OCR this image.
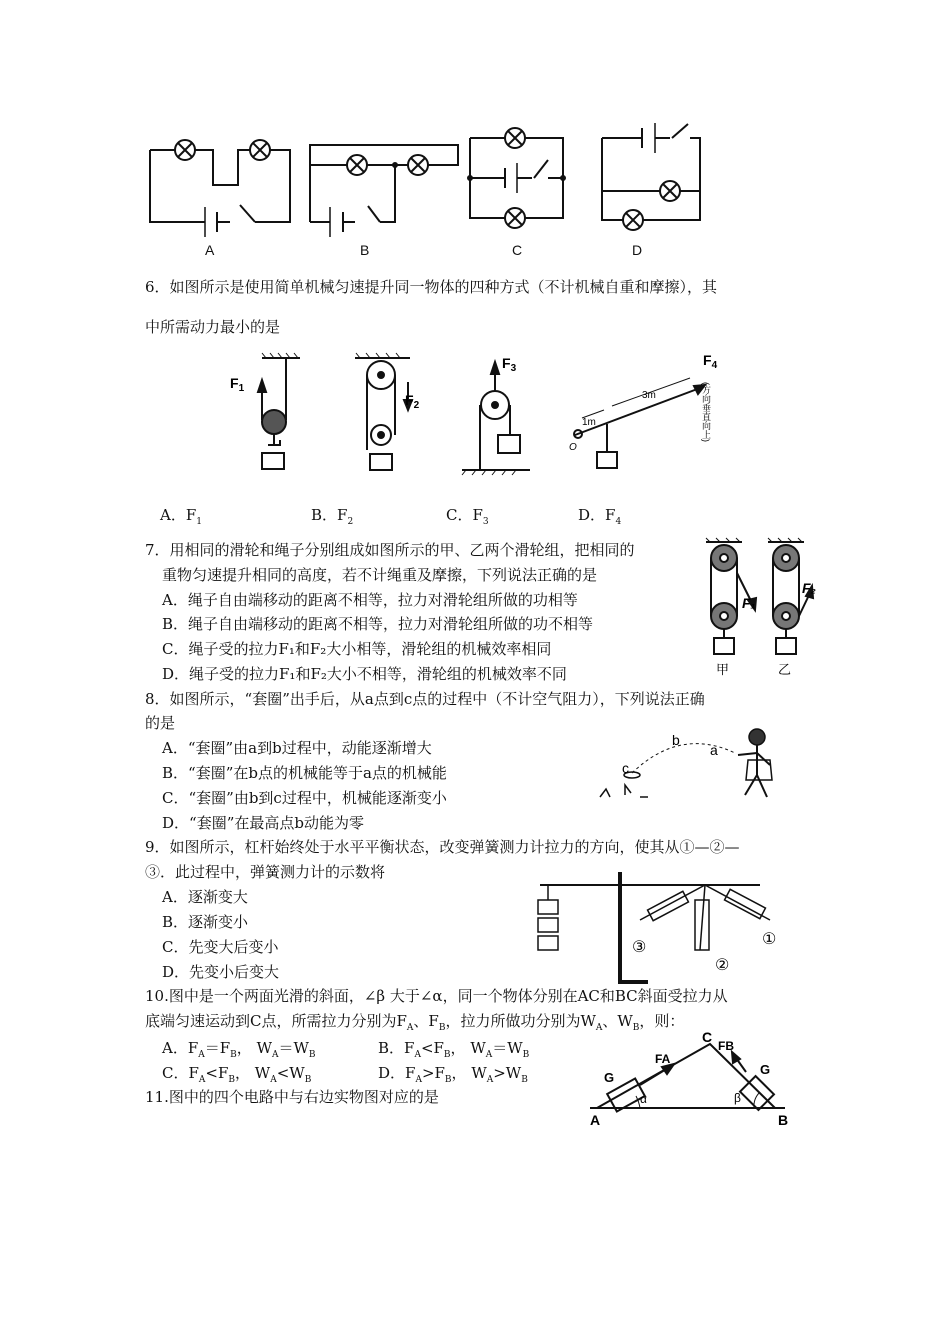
A	B	C	D
6．如图所示是使用简单机械匀速提升同一物体的四种方式（不计机械自重和摩擦），其
中所需动力最小的是
$F_1$
$F_2$
$F_3$
$F_4$
1m
3m
O
(方向垂直向上)
A．$F_1$	B．$F_2$	C．$F_3$	D．$F_4$
7．用相同的滑轮和绳子分别组成如图所示的甲、乙两个滑轮组，把相同的
重物匀速提升相同的高度，若不计绳重及摩擦，下列说法正确的是
A．绳子自由端移动的距离不相等，拉力对滑轮组所做的功相等
B．绳子自由端移动的距离不相等，拉力对滑轮组所做的功不相等
C．绳子受的拉力F₁和F₂大小相等，滑轮组的机械效率相同
D．绳子受的拉力F₁和F₂大小不相等，滑轮组的机械效率不同
F₁
F₂
甲	乙
8．如图所示，“套圈”出手后，从a点到c点的过程中（不计空气阻力），下列说法正确
的是
A．“套圈”由a到b过程中，动能逐渐增大
B．“套圈”在b点的机械能等于a点的机械能
C．“套圈”由b到c过程中，机械能逐渐变小
D．“套圈”在最高点b动能为零
b
a
c
9．如图所示，杠杆始终处于水平平衡状态，改变弹簧测力计拉力的方向，使其从①—②—
③．此过程中，弹簧测力计的示数将
A．逐渐变大
B．逐渐变小
C．先变大后变小
D．先变小后变大
③
②
①
10.图中是一个两面光滑的斜面，∠β 大于∠α，同一个物体分别在AC和BC斜面受拉力从
底端匀速运动到C点，所需拉力分别为$F_A$、$F_B$，拉力所做功分别为$W_A$、$W_B$，则：
A．$F_A=F_B$， $W_A=W_B$	B．$F_A<F_B$， $W_A=W_B$
C．$F_A<F_B$， $W_A<W_B$	D．$F_A>F_B$， $W_A>W_B$
C
A	B
FA
FB
G
G
α	β
11.图中的四个电路中与右边实物图对应的是
